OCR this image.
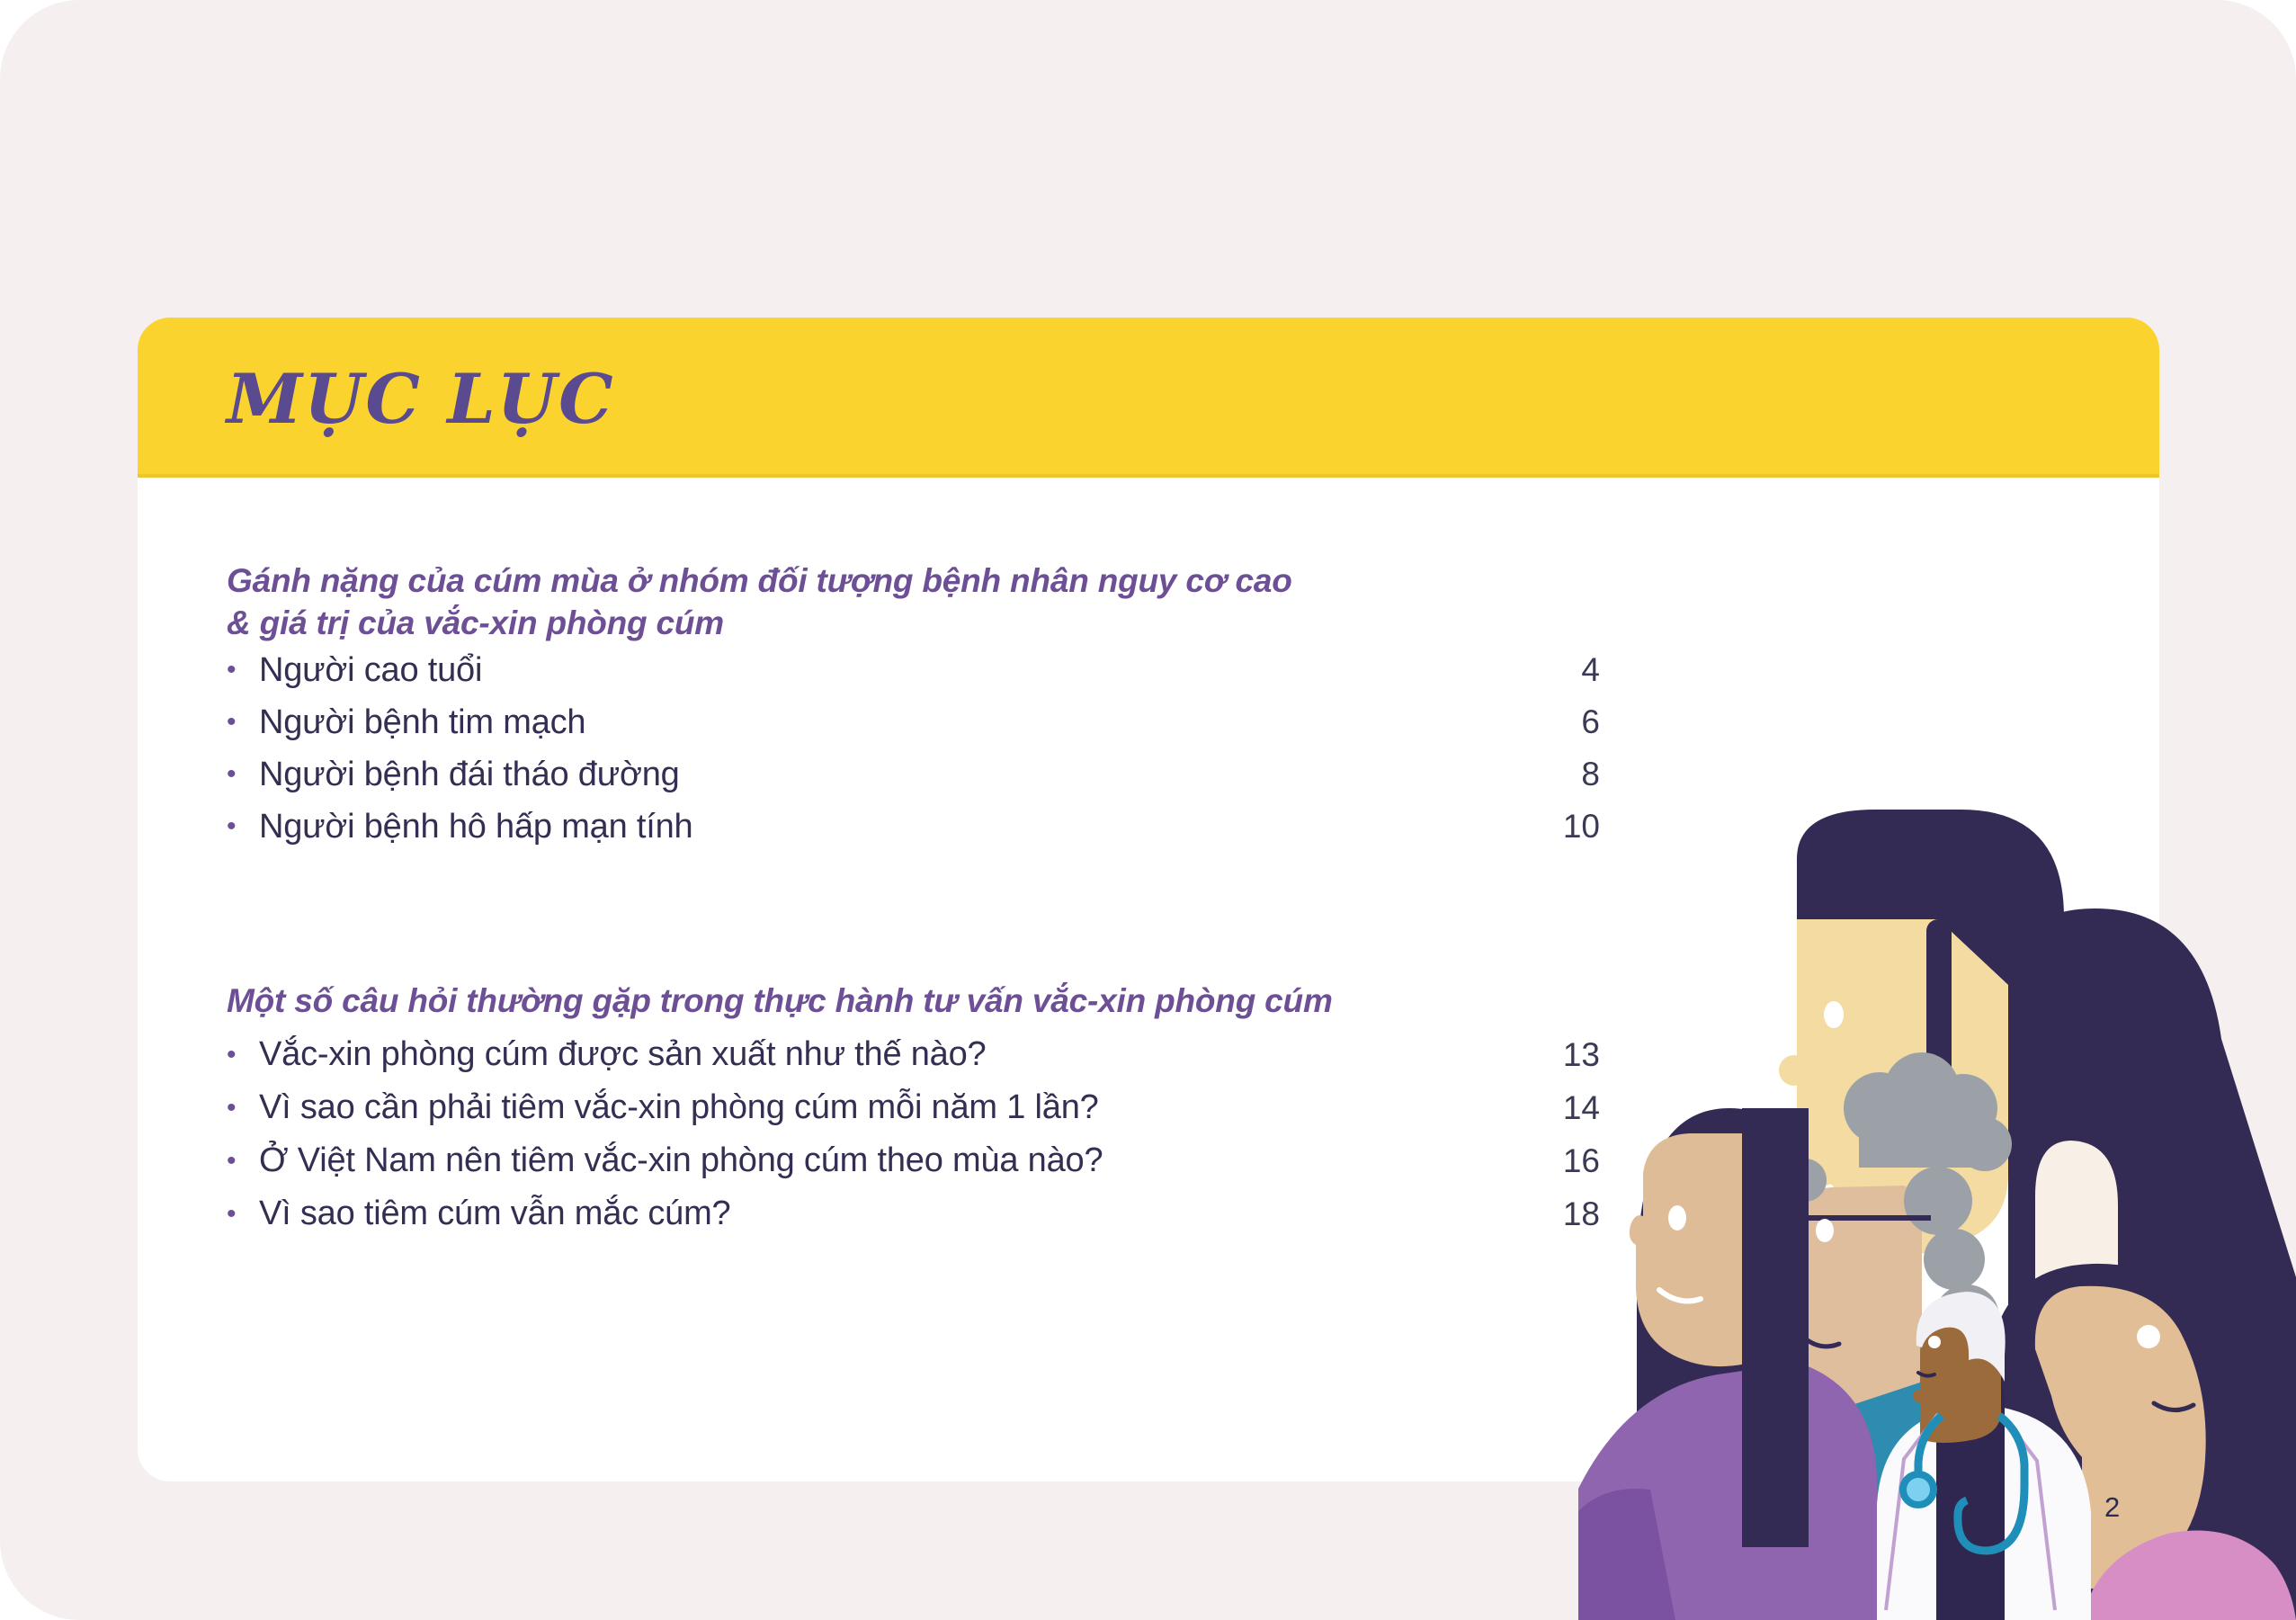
MỤC LỤC
Gánh nặng của cúm mùa ở nhóm đối tượng bệnh nhân nguy cơ cao
& giá trị của vắc-xin phòng cúm
• Người cao tuổi	4
• Người bệnh tim mạch	6
• Người bệnh đái tháo đường	8
• Người bệnh hô hấp mạn tính	10
Một số câu hỏi thường gặp trong thực hành tư vấn vắc-xin phòng cúm
• Vắc-xin phòng cúm được sản xuất như thế nào?	13
• Vì sao cần phải tiêm vắc-xin phòng cúm mỗi năm 1 lần?	14
• Ở Việt Nam nên tiêm vắc-xin phòng cúm theo mùa nào?	16
• Vì sao tiêm cúm vẫn mắc cúm?	18
2
